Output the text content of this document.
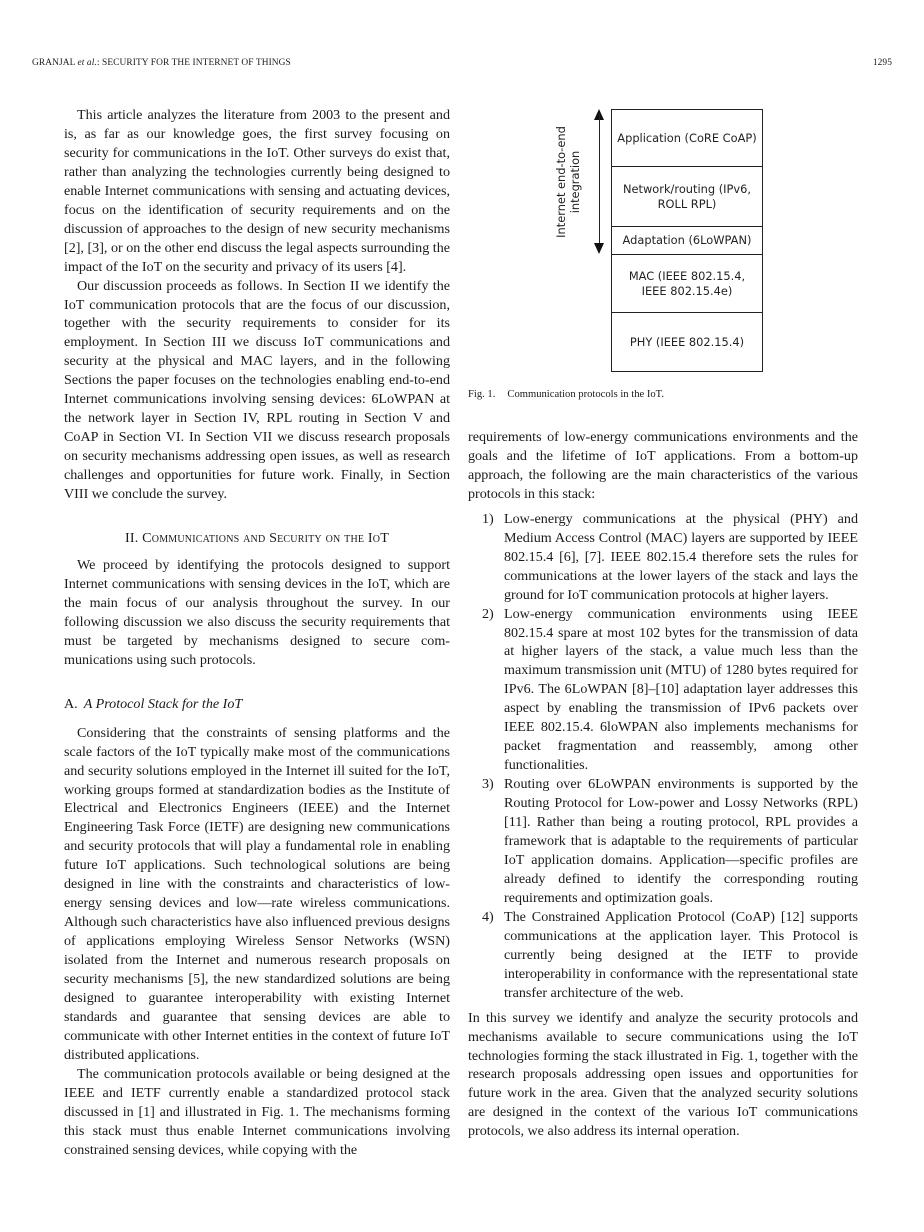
GRANJAL et al.: SECURITY FOR THE INTERNET OF THINGS	1295

This article analyzes the literature from 2003 to the present and is, as far as our knowledge goes, the first survey focusing on security for communications in the IoT. Other surveys do exist that, rather than analyzing the technologies currently being designed to enable Internet communications with sensing and actuating devices, focus on the identification of security requirements and on the discussion of approaches to the design of new security mechanisms [2], [3], or on the other end discuss the legal aspects surrounding the impact of the IoT on the security and privacy of its users [4].

Our discussion proceeds as follows. In Section II we identify the IoT communication protocols that are the focus of our discussion, together with the security requirements to consider for its employment. In Section III we discuss IoT communications and security at the physical and MAC layers, and in the following Sections the paper focuses on the technologies enabling end-to-end Internet communications involving sensing devices: 6LoWPAN at the network layer in Section IV, RPL routing in Section V and CoAP in Section VI. In Section VII we discuss research proposals on security mechanisms addressing open issues, as well as research challenges and opportunities for future work. Finally, in Section VIII we conclude the survey.

II. Communications and Security on the IoT

We proceed by identifying the protocols designed to support Internet communications with sensing devices in the IoT, which are the main focus of our analysis throughout the survey. In our following discussion we also discuss the security requirements that must be targeted by mechanisms designed to secure communications using such protocols.

A. A Protocol Stack for the IoT

Considering that the constraints of sensing platforms and the scale factors of the IoT typically make most of the communications and security solutions employed in the Internet ill suited for the IoT, working groups formed at standardization bodies as the Institute of Electrical and Electronics Engineers (IEEE) and the Internet Engineering Task Force (IETF) are designing new communications and security protocols that will play a fundamental role in enabling future IoT applications. Such technological solutions are being designed in line with the constraints and characteristics of low-energy sensing devices and low—rate wireless communications. Although such characteristics have also influenced previous designs of applications employing Wireless Sensor Networks (WSN) isolated from the Internet and numerous research proposals on security mechanisms [5], the new standardized solutions are being designed to guarantee interoperability with existing Internet standards and guarantee that sensing devices are able to communicate with other Internet entities in the context of future IoT distributed applications.

The communication protocols available or being designed at the IEEE and IETF currently enable a standardized protocol stack discussed in [1] and illustrated in Fig. 1. The mechanisms forming this stack must thus enable Internet communications involving constrained sensing devices, while copying with the

Internet end-to-end integration
Application (CoRE CoAP)
Network/routing (IPv6, ROLL RPL)
Adaptation (6LoWPAN)
MAC (IEEE 802.15.4, IEEE 802.15.4e)
PHY (IEEE 802.15.4)
Fig. 1. Communication protocols in the IoT.

requirements of low-energy communications environments and the goals and the lifetime of IoT applications. From a bottom-up approach, the following are the main characteristics of the various protocols in this stack:

1) Low-energy communications at the physical (PHY) and Medium Access Control (MAC) layers are supported by IEEE 802.15.4 [6], [7]. IEEE 802.15.4 therefore sets the rules for communications at the lower layers of the stack and lays the ground for IoT communication protocols at higher layers.
2) Low-energy communication environments using IEEE 802.15.4 spare at most 102 bytes for the transmission of data at higher layers of the stack, a value much less than the maximum transmission unit (MTU) of 1280 bytes required for IPv6. The 6LoWPAN [8]–[10] adaptation layer addresses this aspect by enabling the transmission of IPv6 packets over IEEE 802.15.4. 6loWPAN also implements mechanisms for packet fragmentation and reassembly, among other functionalities.
3) Routing over 6LoWPAN environments is supported by the Routing Protocol for Low-power and Lossy Networks (RPL) [11]. Rather than being a routing protocol, RPL provides a framework that is adaptable to the requirements of particular IoT application domains. Application—specific profiles are already defined to identify the corresponding routing requirements and optimization goals.
4) The Constrained Application Protocol (CoAP) [12] supports communications at the application layer. This Protocol is currently being designed at the IETF to provide interoperability in conformance with the representational state transfer architecture of the web.

In this survey we identify and analyze the security protocols and mechanisms available to secure communications using the IoT technologies forming the stack illustrated in Fig. 1, together with the research proposals addressing open issues and opportunities for future work in the area. Given that the analyzed security solutions are designed in the context of the various IoT communications protocols, we also address its internal operation.
